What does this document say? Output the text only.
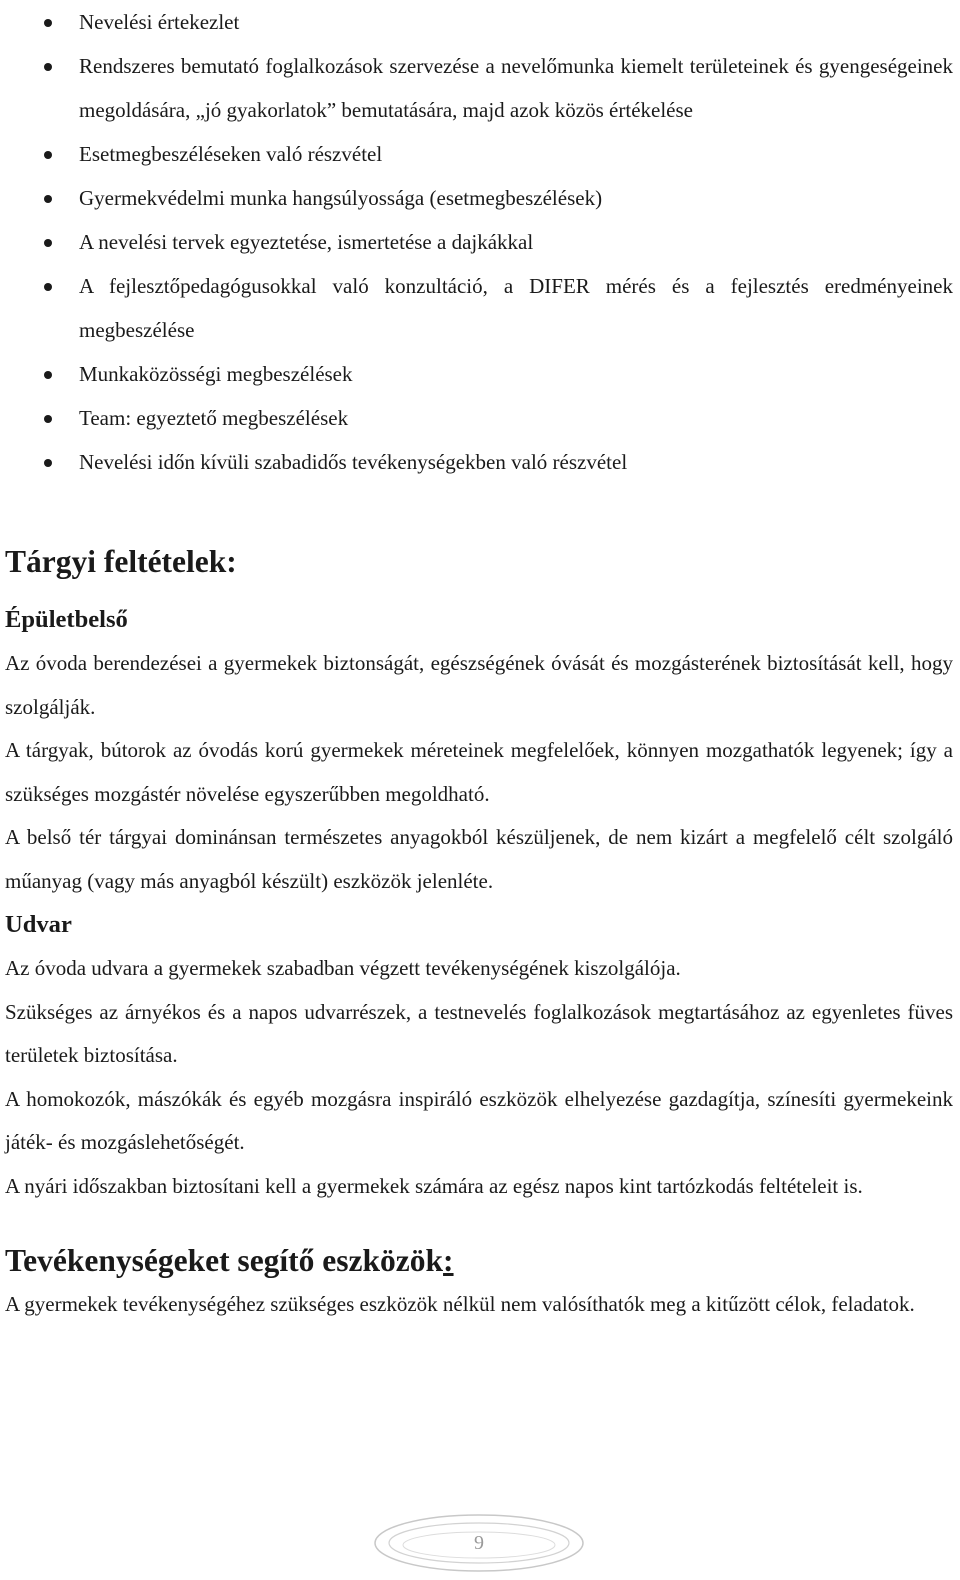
Nevelési értekezlet
Rendszeres bemutató foglalkozások szervezése a nevelőmunka kiemelt területeinek és gyengeségeinek megoldására, „jó gyakorlatok” bemutatására, majd azok közös értékelése
Esetmegbeszéléseken való részvétel
Gyermekvédelmi munka hangsúlyossága (esetmegbeszélések)
A nevelési tervek egyeztetése, ismertetése a dajkákkal
A fejlesztőpedagógusokkal való konzultáció, a DIFER mérés és a fejlesztés eredményeinek megbeszélése
Munkaközösségi megbeszélések
Team: egyeztető megbeszélések
Nevelési időn kívüli szabadidős tevékenységekben való részvétel
Tárgyi feltételek:
Épületbelső

Az óvoda berendezései a gyermekek biztonságát, egészségének óvását és mozgásterének biztosítását kell, hogy szolgálják.

A tárgyak, bútorok az óvodás korú gyermekek méreteinek megfelelőek, könnyen mozgathatók legyenek; így a szükséges mozgástér növelése egyszerűbben megoldható.

A belső tér tárgyai dominánsan természetes anyagokból készüljenek, de nem kizárt a megfelelő célt szolgáló műanyag (vagy más anyagból készült) eszközök jelenléte.

Udvar

Az óvoda udvara a gyermekek szabadban végzett tevékenységének kiszolgálója.

Szükséges az árnyékos és a napos udvarrészek, a testnevelés foglalkozások megtartásához az egyenletes füves területek biztosítása.

A homokozók, mászókák és egyéb mozgásra inspiráló eszközök elhelyezése gazdagítja, színesíti gyermekeink játék- és mozgáslehetőségét.

A nyári időszakban biztosítani kell a gyermekek számára az egész napos kint tartózkodás feltételeit is.

Tevékenységeket segítő eszközök:

A gyermekek tevékenységéhez szükséges eszközök nélkül nem valósíthatók meg a kitűzött célok, feladatok.

9
